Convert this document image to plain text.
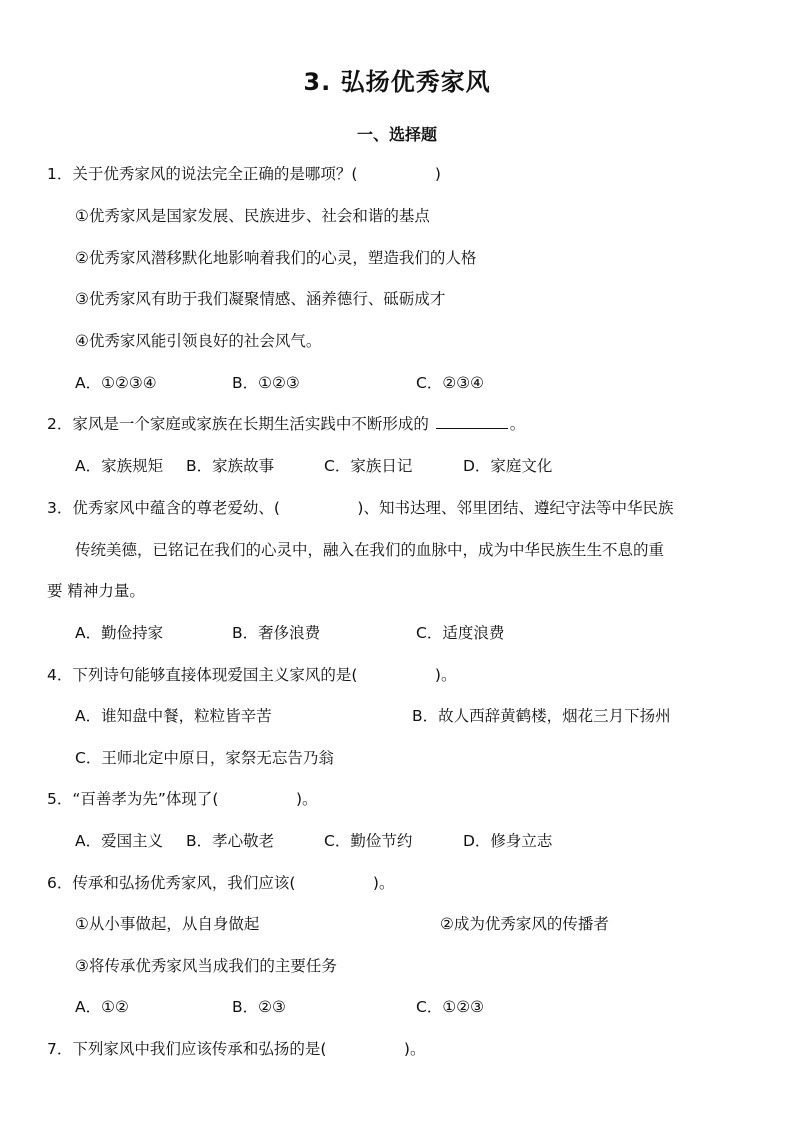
3. 弘扬优秀家风
一、选择题
1．关于优秀家风的说法完全正确的是哪项？(　　　　　)
①优秀家风是国家发展、民族进步、社会和谐的基点
②优秀家风潜移默化地影响着我们的心灵，塑造我们的人格
③优秀家风有助于我们凝聚情感、涵养德行、砥砺成才
④优秀家风能引领良好的社会风气。
A．①②③④	B．①②③	C．②③④
2．家风是一个家庭或家族在长期生活实践中不断形成的	。
A．家族规矩 B．家族故事	C．家族日记	D．家庭文化
3．优秀家风中蕴含的尊老爱幼、(　　　　　)、知书达理、邻里团结、遵纪守法等中华民族
传统美德，已铭记在我们的心灵中，融入在我们的血脉中，成为中华民族生生不息的重
要 精神力量。
A．勤俭持家	B．奢侈浪费	C．适度浪费
4．下列诗句能够直接体现爱国主义家风的是(　　　　　)。
A．谁知盘中餐，粒粒皆辛苦	B．故人西辞黄鹤楼，烟花三月下扬州
C．王师北定中原日，家祭无忘告乃翁
5．“百善孝为先”体现了(　　　　　)。
A．爱国主义 B．孝心敬老	C．勤俭节约	D．修身立志
6．传承和弘扬优秀家风，我们应该(　　　　　)。
①从小事做起，从自身做起	②成为优秀家风的传播者
③将传承优秀家风当成我们的主要任务
A．①②	B．②③	C．①②③
7．下列家风中我们应该传承和弘扬的是(　　　　　)。
